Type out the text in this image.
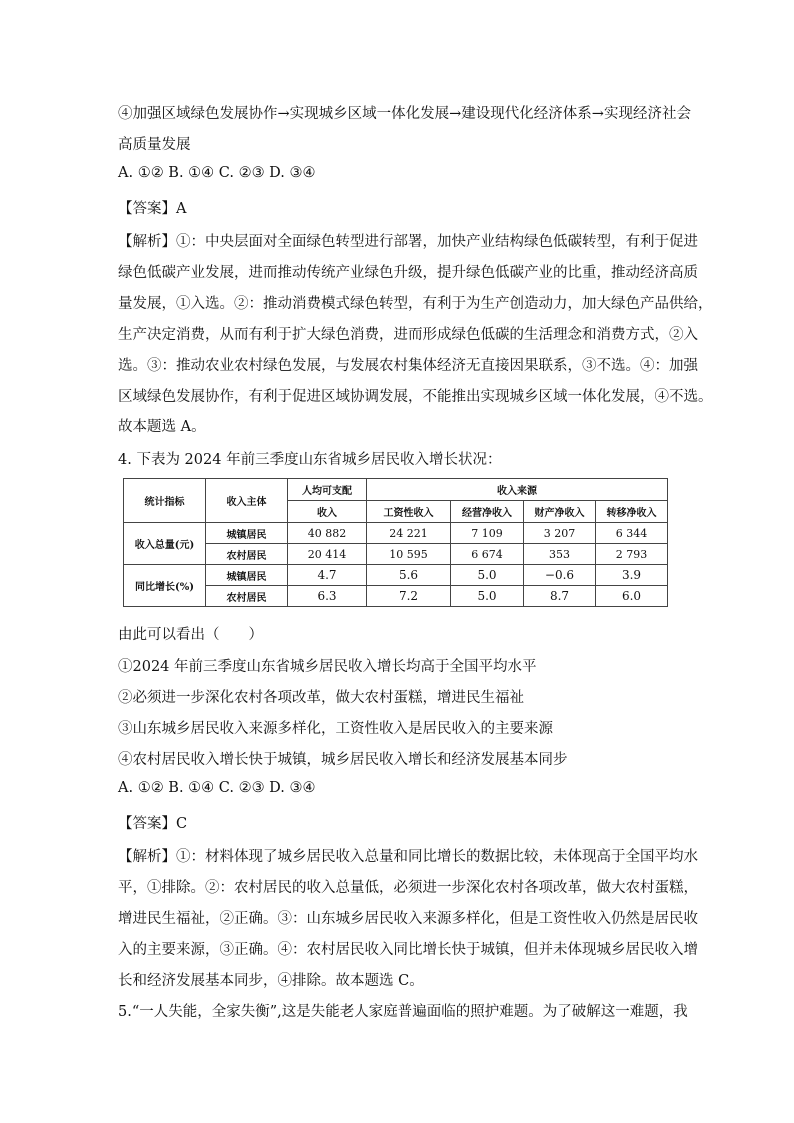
④加强区域绿色发展协作→实现城乡区域一体化发展→建设现代化经济体系→实现经济社会
高质量发展
A. ①② B. ①④ C. ②③ D. ③④
【答案】A
【解析】①：中央层面对全面绿色转型进行部署，加快产业结构绿色低碳转型，有利于促进
绿色低碳产业发展，进而推动传统产业绿色升级，提升绿色低碳产业的比重，推动经济高质
量发展，①入选。②：推动消费模式绿色转型，有利于为生产创造动力，加大绿色产品供给，
生产决定消费，从而有利于扩大绿色消费，进而形成绿色低碳的生活理念和消费方式，②入
选。③：推动农业农村绿色发展，与发展农村集体经济无直接因果联系，③不选。④：加强
区域绿色发展协作，有利于促进区域协调发展，不能推出实现城乡区域一体化发展，④不选。
故本题选 A。
4. 下表为 2024 年前三季度山东省城乡居民收入增长状况：
统计指标	收入主体	人均可支配	收入来源			
		收入	工资性收入	经营净收入	财产净收入	转移净收入
收入总量(元)	城镇居民	40 882	24 221	7 109	3 207	6 344
	农村居民	20 414	10 595	6 674	353	2 793
同比增长(%)	城镇居民	4.7	5.6	5.0	−0.6	3.9
	农村居民	6.3	7.2	5.0	8.7	6.0
由此可以看出（　　）
①2024 年前三季度山东省城乡居民收入增长均高于全国平均水平
②必须进一步深化农村各项改革，做大农村蛋糕，增进民生福祉
③山东城乡居民收入来源多样化，工资性收入是居民收入的主要来源
④农村居民收入增长快于城镇，城乡居民收入增长和经济发展基本同步
A. ①② B. ①④ C. ②③ D. ③④
【答案】C
【解析】①：材料体现了城乡居民收入总量和同比增长的数据比较，未体现高于全国平均水
平，①排除。②：农村居民的收入总量低，必须进一步深化农村各项改革，做大农村蛋糕，
增进民生福祉，②正确。③：山东城乡居民收入来源多样化，但是工资性收入仍然是居民收
入的主要来源，③正确。④：农村居民收入同比增长快于城镇，但并未体现城乡居民收入增
长和经济发展基本同步，④排除。故本题选 C。
5.“一人失能，全家失衡”,这是失能老人家庭普遍面临的照护难题。为了破解这一难题，我
